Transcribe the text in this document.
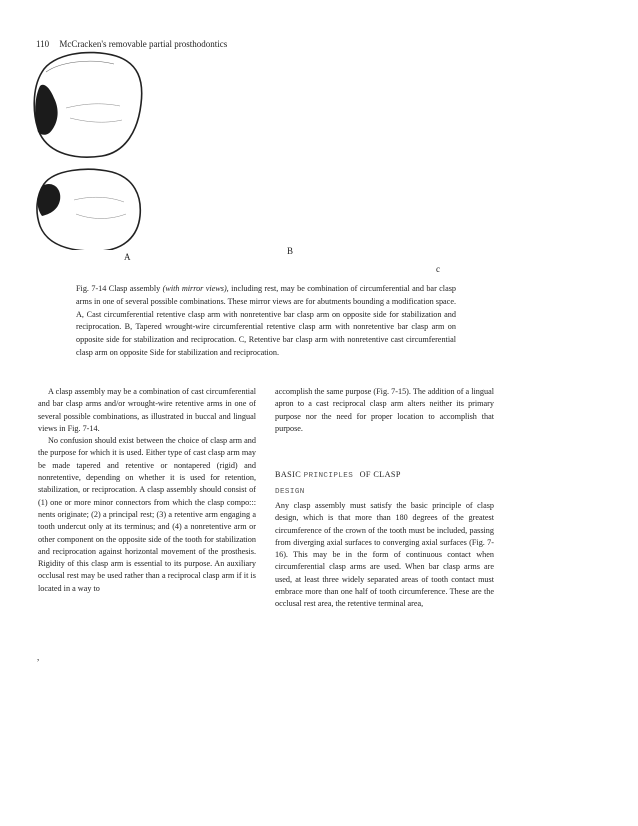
110 McCracken's removable partial prosthodontics
A
B
c

Fig. 7-14 Clasp assembly (with mirror views), including rest, may be combination of circumferential and bar clasp arms in one of several possible combinations. These mirror views are for abutments bounding a modification space. A, Cast circumferential retentive clasp arm with nonretentive bar clasp arm on opposite side for stabilization and reciprocation. B, Tapered wrought-wire circumferential retentive clasp arm with nonretentive bar clasp arm on opposite side for stabilization and reciprocation. C, Retentive bar clasp arm with nonretentive cast circumferential clasp arm on opposite Side for stabilization and reciprocation.

A clasp assembly may be a combination of cast circumferential and bar clasp arms and/or wrought-wire retentive arms in one of several possible combinations, as illustrated in buccal and lingual views in Fig. 7-14.

No confusion should exist between the choice of clasp arm and the purpose for which it is used. Either type of cast clasp arm may be made tapered and retentive or nontapered (rigid) and nonretentive, depending on whether it is used for retention, stabilization, or reciprocation. A clasp assembly should consist of (1) one or more minor connectors from which the clasp compo::: nents originate; (2) a principal rest; (3) a retentive arm engaging a tooth undercut only at its terminus; and (4) a nonretentive arm or other component on the opposite side of the tooth for stabilization and reciprocation against horizontal movement of the prosthesis. Rigidity of this clasp arm is essential to its purpose. An auxiliary occlusal rest may be used rather than a reciprocal clasp arm if it is located in a way to

accomplish the same purpose (Fig. 7-15). The addition of a lingual apron to a cast reciprocal clasp arm alters neither its primary purpose nor the need for proper location to accomplish that purpose.

BASIC PRINCIPLES OF CLASP
DESIGN

Any clasp assembly must satisfy the basic principle of clasp design, which is that more than 180 degrees of the greatest circumference of the crown of the tooth must be included, passing from diverging axial surfaces to converging axial surfaces (Fig. 7-16). This may be in the form of continuous contact when circumferential clasp arms are used. When bar clasp arms are used, at least three widely separated areas of tooth contact must embrace more than one half of tooth circumference. These are the occlusal rest area, the retentive terminal area,

,
